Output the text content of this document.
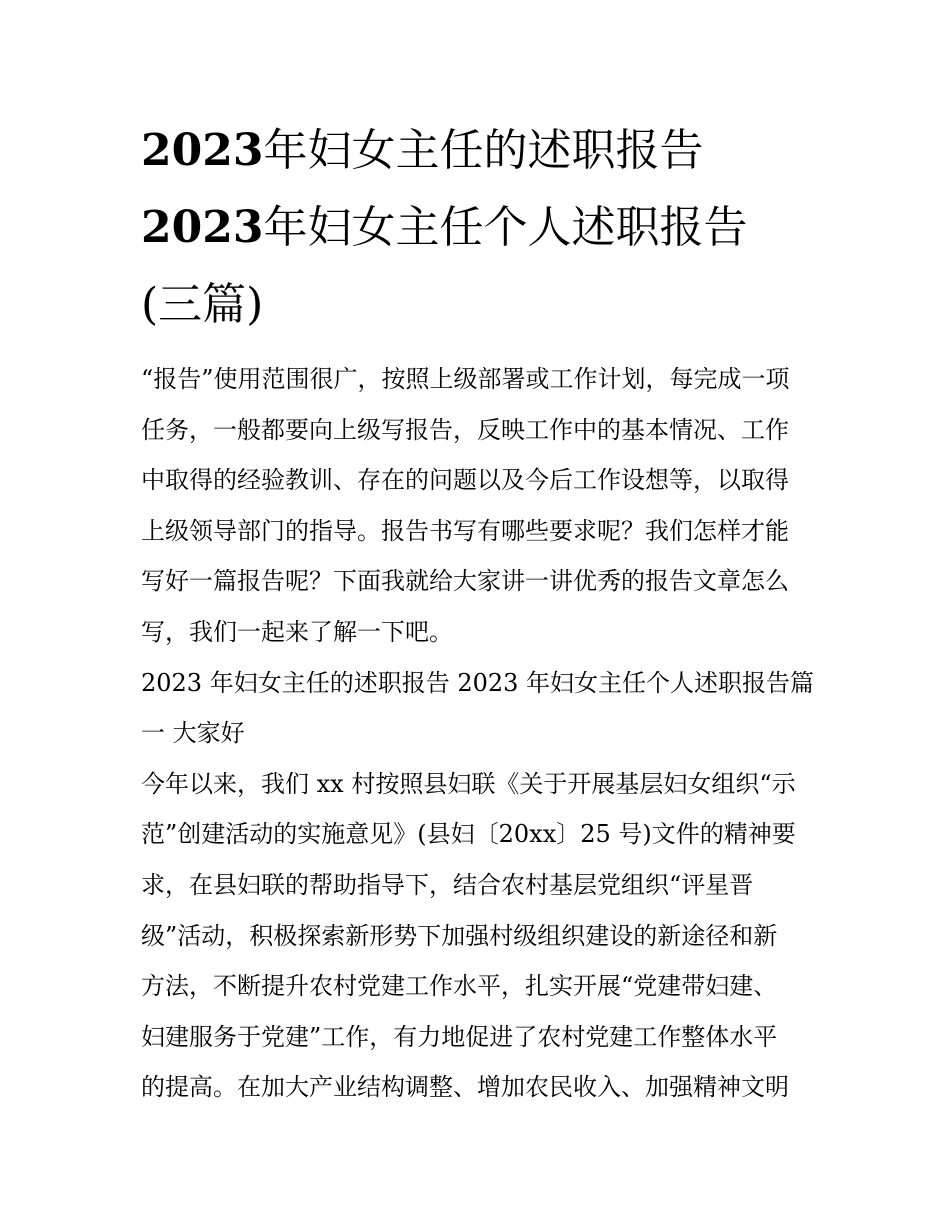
2023年妇女主任的述职报告
2023年妇女主任个人述职报告
(三篇)
“报告”使用范围很广，按照上级部署或工作计划，每完成一项
任务，一般都要向上级写报告，反映工作中的基本情况、工作
中取得的经验教训、存在的问题以及今后工作设想等，以取得
上级领导部门的指导。报告书写有哪些要求呢？我们怎样才能
写好一篇报告呢？下面我就给大家讲一讲优秀的报告文章怎么
写，我们一起来了解一下吧。
2023 年妇女主任的述职报告 2023 年妇女主任个人述职报告篇
一 大家好
今年以来，我们 xx 村按照县妇联《关于开展基层妇女组织“示
范”创建活动的实施意见》(县妇〔20xx〕25 号)文件的精神要
求，在县妇联的帮助指导下，结合农村基层党组织“评星晋
级”活动，积极探索新形势下加强村级组织建设的新途径和新
方法，不断提升农村党建工作水平，扎实开展“党建带妇建、
妇建服务于党建”工作，有力地促进了农村党建工作整体水平
的提高。在加大产业结构调整、增加农民收入、加强精神文明
